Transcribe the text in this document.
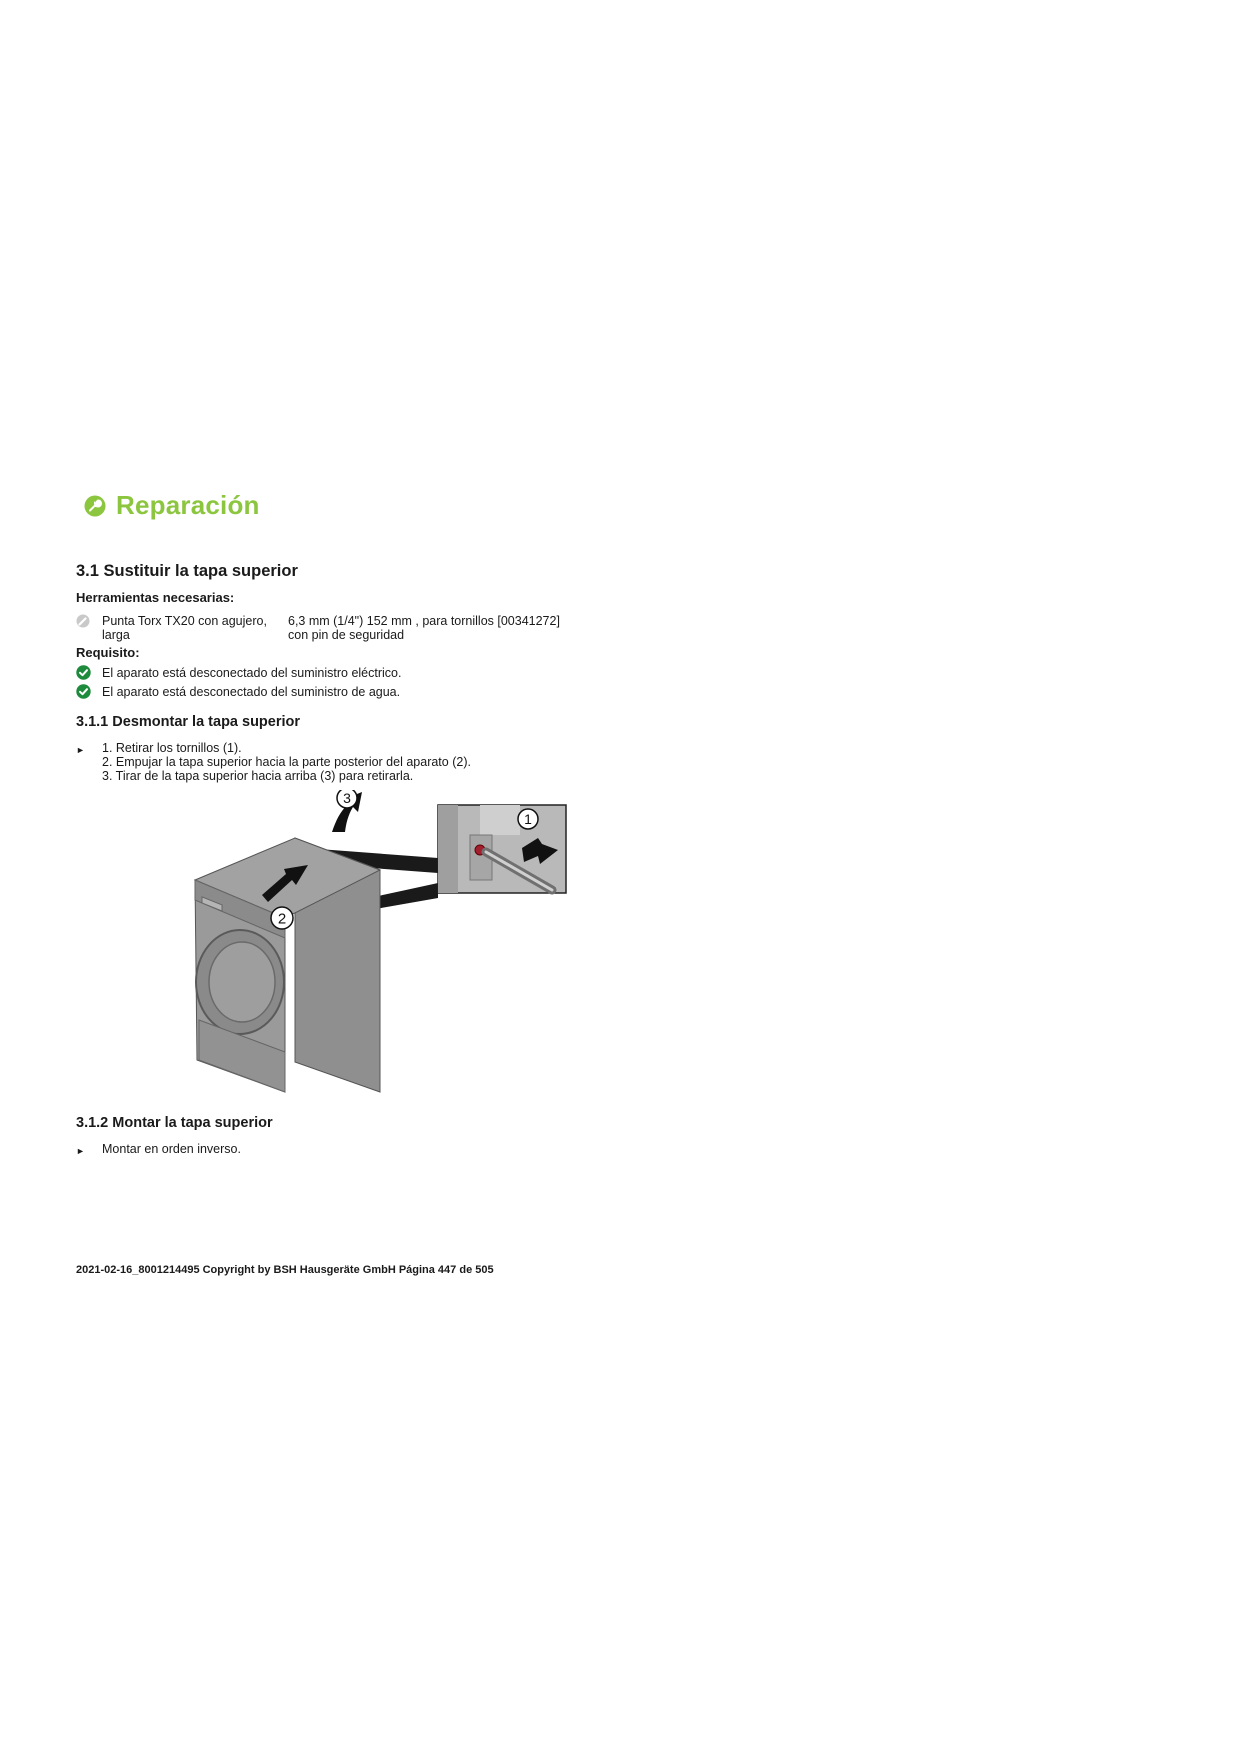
Reparación
3.1 Sustituir la tapa superior
Herramientas necesarias:
Punta Torx TX20 con agujero,
larga
6,3 mm (1/4") 152 mm , para tornillos [00341272]
con pin de seguridad
Requisito:
El aparato está desconectado del suministro eléctrico.
El aparato está desconectado del suministro de agua.
3.1.1 Desmontar la tapa superior
► 1. Retirar los tornillos (1).
2. Empujar la tapa superior hacia la parte posterior del aparato (2).
3. Tirar de la tapa superior hacia arriba (3) para retirarla.
2
3
1
3.1.2 Montar la tapa superior
► Montar en orden inverso.
2021-02-16_8001214495 Copyright by BSH Hausgeräte GmbH Página 447 de 505
